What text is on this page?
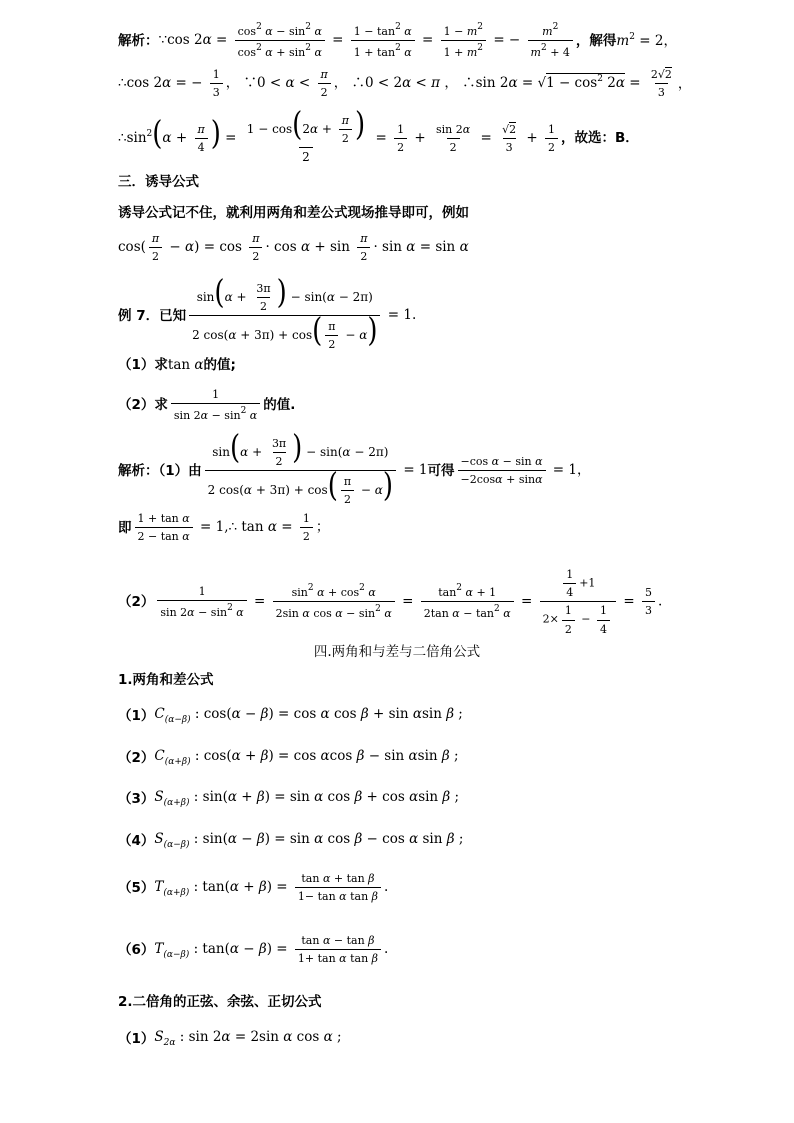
解析： ∵cos $2\alpha = \frac{\cos^2 \alpha - \sin^2 \alpha}{\cos^2 \alpha + \sin^2 \alpha} = \frac{1 - \tan^2 \alpha}{1 + \tan^2 \alpha} = \frac{1 - m^2}{1 + m^2}$ = − $\frac{m^2}{m^2 + 4}$ ，解得 $m^2 = 2$，
∴cos 2α = − $\frac{1}{3}$ ， ∵0 < $\alpha < \frac{\pi}{2}$ ， ∴0 < 2α < π ， ∴sin $2\alpha = √1 - \cos^2 2\alpha = \frac{2√2}{3}$ ，
$\therefore\sin^2(\alpha + \frac{\pi}{4}$ ) = $\frac{1 - \cos(2\alpha + \frac{\pi}{2} )}{2} = \frac{1}{2} + \frac{\sin 2\alpha}{2} = \frac{√2}{3} + \frac{1}{2}$ ，故选：B．
三．诱导公式
诱导公式记不住，就利用两角和差公式现场推导即可，例如
$\cos( \frac{\pi}{2} - \alpha) = \cos \frac{\pi}{2} \cdot \cos \alpha + \sin \frac{\pi}{2} \cdot \sin \alpha = \sin \alpha$
例 7．已知 $\frac{\sin(\alpha + \frac{3\pi}{2} ) - \sin(\alpha - 2\pi)}{2 \cos(\alpha + 3\pi) + \cos( \frac{\pi}{2} - \alpha)} = 1$.
（1）求 tan α 的值;
（2）求 $\frac{1}{\sin 2\alpha - \sin^2 \alpha}$ 的值.
解析：（1）由 $\frac{\sin(\alpha + \frac{3\pi}{2} ) - \sin(\alpha - 2\pi)}{2 \cos(\alpha + 3\pi) + \cos( \frac{\pi}{2} - \alpha)} = 1$ 可得 $\frac{\text{−cos α − sin α}}{-2\cos\alpha + \sin\alpha} = 1$，
即 $\frac{\text{1 + tan α}}{\text{2 − tan α}}$ = 1,∴ $\tan \alpha = \frac{1}{2}$ ；
$(2) \frac{1}{\sin 2\alpha - \sin^2 \alpha} = \frac{\sin^2 \alpha + \cos^2 \alpha}{2\sin \alpha \cos \alpha - \sin^2 \alpha} = \frac{\tan^2 \alpha + 1}{2\tan \alpha - \tan^2 \alpha} = \frac{\frac{1}{4} +1}{2\times \frac{1}{2} - \frac{1}{4}} = \frac{5}{3}$ .
四.两角和与差与二倍角公式
1.两角和差公式
（1） $C_{(\alpha-\beta)}$ : cos(α − β) = cos α cos β + sin αsin β ;
（2） $C_{(\alpha+\beta)}$ : cos(α + β) = cos αcos β − sin αsin β ;
（3） $S_{(\alpha+\beta)}$ : sin(α + β) = sin α cos β + cos αsin β ;
（4） $S_{(\alpha-\beta)}$ : sin(α − β) = sin α cos β − cos α sin β ;
（5） $T_{(\alpha+\beta)}$ : $\tan(\alpha + \beta) = \frac{\text{tan α + tan β}}{\text{1− tan α tan β}}$ .
（6） $T_{(\alpha-\beta)}$ : $\tan(\alpha - \beta) = \frac{\text{tan α − tan β}}{\text{1+ tan α tan β}}$ .
2.二倍角的正弦、余弦、正切公式
（1） $S_{2\alpha}$ : sin 2α = 2sin α cos α ;
